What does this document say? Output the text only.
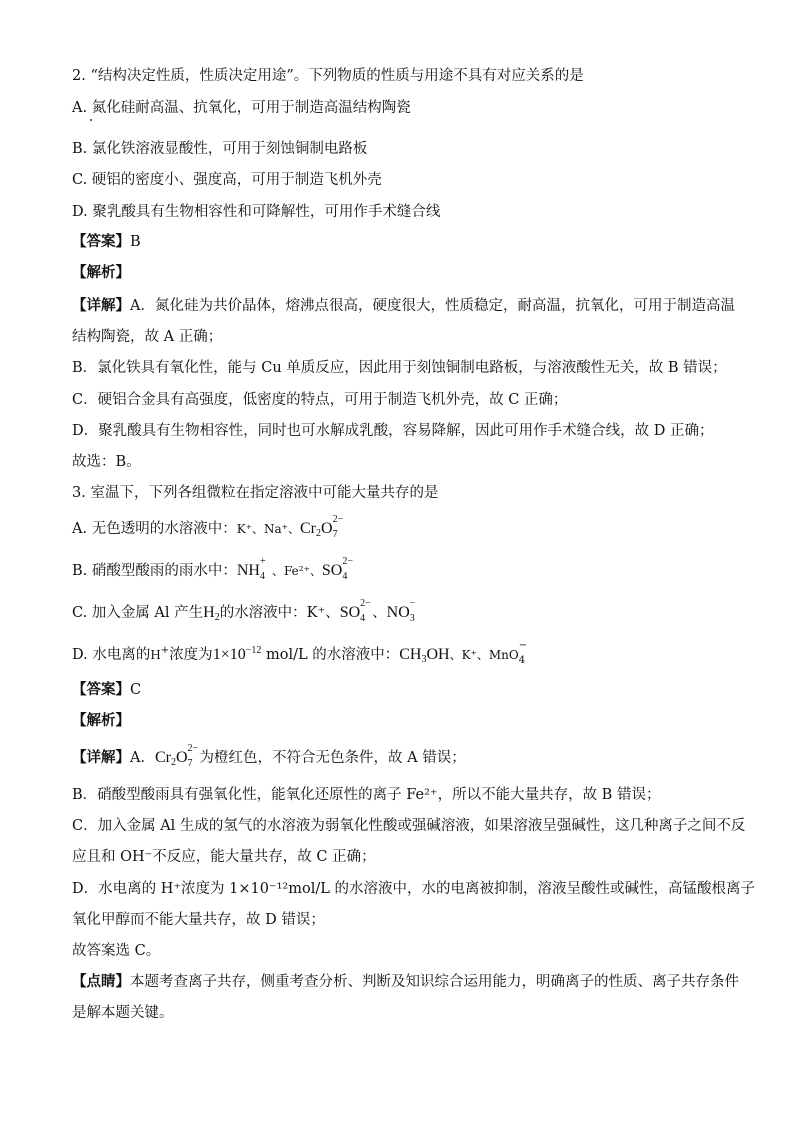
2. “结构决定性质，性质决定用途”。下列物质的性质与用途不具有对应关系的是
A. 氮化硅耐高温、抗氧化，可用于制造高温结构陶瓷
B. 氯化铁溶液显酸性，可用于刻蚀铜制电路板
C. 硬铝的密度小、强度高，可用于制造飞机外壳
D. 聚乳酸具有生物相容性和可降解性，可用作手术缝合线
【答案】B
【解析】
【详解】A．氮化硅为共价晶体，熔沸点很高，硬度很大，性质稳定，耐高温，抗氧化，可用于制造高温
结构陶瓷，故 A 正确；
B．氯化铁具有氧化性，能与 Cu 单质反应，因此用于刻蚀铜制电路板，与溶液酸性无关，故 B 错误；
C．硬铝合金具有高强度，低密度的特点，可用于制造飞机外壳，故 C 正确；
D．聚乳酸具有生物相容性，同时也可水解成乳酸，容易降解，因此可用作手术缝合线，故 D 正确；
故选：B。
3. 室温下，下列各组微粒在指定溶液中可能大量共存的是
A. 无色透明的水溶液中：K⁺、Na⁺、$Cr_2O$
2−
7
B. 硝酸型酸雨的雨水中：NH
+
4 、Fe²⁺、SO
2−
4
C. 加入金属 Al 产生$H_2$的水溶液中：K⁺、SO
2−
4 、NO
−
3
D. 水电离的H+浓度为$1\times 10^{-12}$ mol/L 的水溶液中：$CH_3OH$、K⁺、MnO
−
4
【答案】C
【解析】
【详解】A．$Cr_2O$
2−
7 为橙红色，不符合无色条件，故 A 错误；
B．硝酸型酸雨具有强氧化性，能氧化还原性的离子 Fe²⁺，所以不能大量共存，故 B 错误；
C．加入金属 Al 生成的氢气的水溶液为弱氧化性酸或强碱溶液，如果溶液呈强碱性，这几种离子之间不反
应且和 OH⁻不反应，能大量共存，故 C 正确；
D．水电离的 H⁺浓度为 1×10⁻¹²mol/L 的水溶液中，水的电离被抑制，溶液呈酸性或碱性，高锰酸根离子
氧化甲醇而不能大量共存，故 D 错误；
故答案选 C。
【点睛】本题考查离子共存，侧重考查分析、判断及知识综合运用能力，明确离子的性质、离子共存条件
是解本题关键。
